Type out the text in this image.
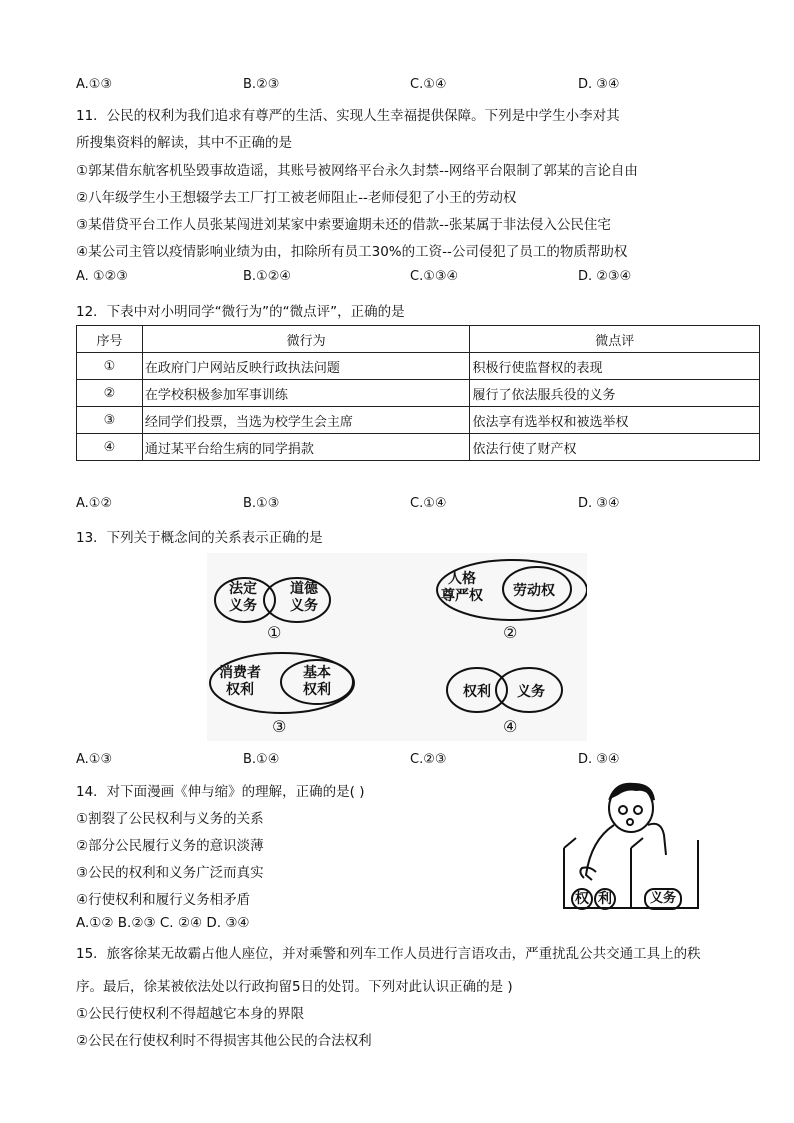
A.①③	B.②③	C.①④	D. ③④
11．公民的权利为我们追求有尊严的生活、实现人生幸福提供保障。下列是中学生小李对其
所搜集资料的解读，其中不正确的是
①郭某借东航客机坠毁事故造谣，其账号被网络平台永久封禁--网络平台限制了郭某的言论自由
②八年级学生小王想辍学去工厂打工被老师阻止--老师侵犯了小王的劳动权
③某借贷平台工作人员张某闯进刘某家中索要逾期未还的借款--张某属于非法侵入公民住宅
④某公司主管以疫情影响业绩为由，扣除所有员工30%的工资--公司侵犯了员工的物质帮助权
A. ①②③	B.①②④	C.①③④	D. ②③④
12．下表中对小明同学“微行为”的“微点评”，正确的是
序号	微行为	微点评
①	在政府门户网站反映行政执法问题	积极行使监督权的表现
②	在学校积极参加军事训练	履行了依法服兵役的义务
③	经同学们投票，当选为校学生会主席	依法享有选举权和被选举权
④	通过某平台给生病的同学捐款	依法行使了财产权
A.①②	B.①③	C.①④	D. ③④
13．下列关于概念间的关系表示正确的是
法定
义务
道德
义务
①
人格
尊严权 劳动权
②
消费者
权利
基本
权利
③
权利 义务
④
A.①③	B.①④	C.②③	D. ③④
14．对下面漫画《伸与缩》的理解，正确的是( )
①割裂了公民权利与义务的关系
②部分公民履行义务的意识淡薄
③公民的权利和义务广泛而真实
④行使权利和履行义务相矛盾
A.①② B.②③ C. ②④ D. ③④
权 利	义务
15．旅客徐某无故霸占他人座位，并对乘警和列车工作人员进行言语攻击，严重扰乱公共交通工具上的秩
序。最后，徐某被依法处以行政拘留5日的处罚。下列对此认识正确的是 )
①公民行使权利不得超越它本身的界限
②公民在行使权利时不得损害其他公民的合法权利
